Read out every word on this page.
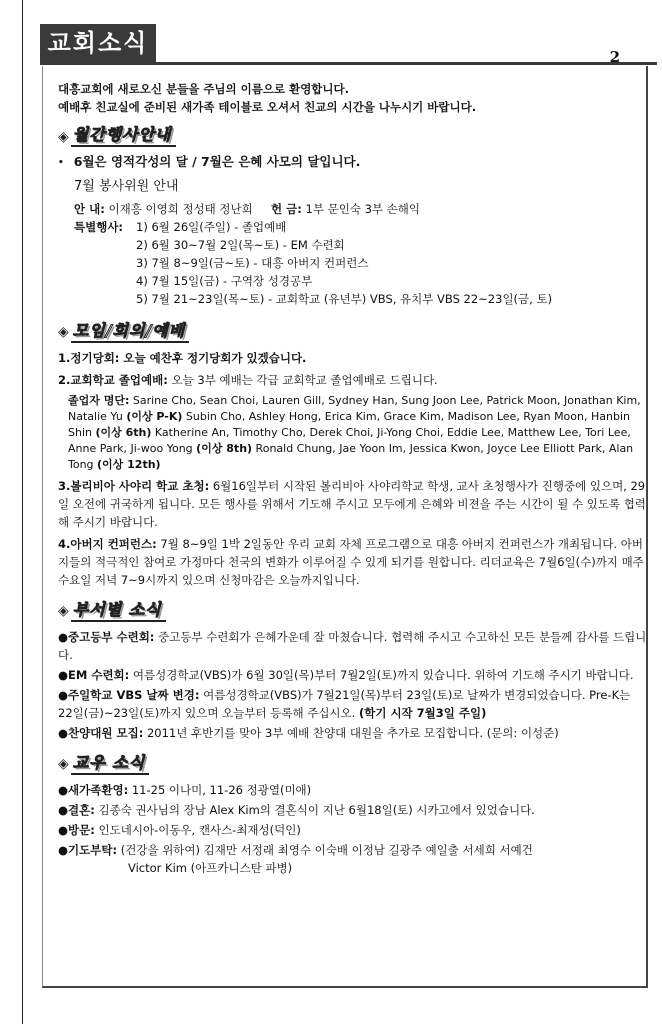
교회소식	2

대흥교회에 새로오신 분들을 주님의 이름으로 환영합니다.

예배후 친교실에 준비된 새가족 테이블로 오셔서 친교의 시간을 나누시기 바랍니다.

◈ 월간행사안내
• 6월은 영적각성의 달 / 7월은 은혜 사모의 달입니다.
7월 봉사위원 안내
안 내: 이재흥 이영희 정성태 정난희 헌 금: 1부 문인숙 3부 손해익
특별행사:	1) 6월 26일(주일) - 졸업예배
2) 6월 30~7월 2일(목~토) - EM 수련회
3) 7월 8~9일(금~토) - 대흥 아버지 컨퍼런스
4) 7월 15일(금) - 구역장 성경공부
5) 7월 21~23일(목~토) - 교회학교 (유년부) VBS, 유치부 VBS 22~23일(금, 토)
◈ 모임/회의/예배
1.정기당회: 오늘 예찬후 정기당회가 있겠습니다.
2.교회학교 졸업예배: 오늘 3부 예배는 각급 교회학교 졸업예배로 드립니다.
졸업자 명단: Sarine Cho, Sean Choi, Lauren Gill, Sydney Han, Sung Joon Lee, Patrick Moon, Jonathan Kim, Natalie Yu (이상 P-K) Subin Cho, Ashley Hong, Erica Kim, Grace Kim, Madison Lee, Ryan Moon, Hanbin Shin (이상 6th) Katherine An, Timothy Cho, Derek Choi, Ji-Yong Choi, Eddie Lee, Matthew Lee, Tori Lee, Anne Park, Ji-woo Yong (이상 8th) Ronald Chung, Jae Yoon Im, Jessica Kwon, Joyce Lee Elliott Park, Alan Tong (이상 12th)
3.볼리비아 사야리 학교 초청: 6월16일부터 시작된 볼리비아 사야리학교 학생, 교사 초청행사가 진행중에 있으며, 29일 오전에 귀국하게 됩니다. 모든 행사를 위해서 기도해 주시고 모두에게 은혜와 비젼을 주는 시간이 될 수 있도록 협력해 주시기 바랍니다.
4.아버지 컨퍼런스: 7월 8~9일 1박 2일동안 우리 교회 자체 프로그램으로 대흥 아버지 컨퍼런스가 개최됩니다. 아버지들의 적극적인 참여로 가정마다 천국의 변화가 이루어질 수 있게 되기를 원합니다. 리더교육은 7월6일(수)까지 매주 수요일 저녁 7~9시까지 있으며 신청마감은 오늘까지입니다.
◈ 부서별 소식
●중고등부 수련회: 중고등부 수련회가 은혜가운데 잘 마쳤습니다. 협력해 주시고 수고하신 모든 분들께 감사를 드립니다.
●EM 수련회: 여름성경학교(VBS)가 6월 30일(목)부터 7월2일(토)까지 있습니다. 위하여 기도해 주시기 바랍니다.
●주일학교 VBS 날짜 변경: 여름성경학교(VBS)가 7월21일(목)부터 23일(토)로 날짜가 변경되었습니다. Pre-K는 22일(금)~23일(토)까지 있으며 오늘부터 등록해 주십시오. (학기 시작 7월3일 주일)
●찬양대원 모집: 2011년 후반기를 맞아 3부 예배 찬양대 대원을 추가로 모집합니다. (문의: 이성준)
◈ 교우 소식
●새가족환영: 11-25 이나미, 11-26 정광열(미애)
●결혼: 김종숙 권사님의 장남 Alex Kim의 결혼식이 지난 6월18일(토) 시카고에서 있었습니다.
●방문: 인도네시아-이동우, 캔사스-최재성(덕인)
●기도부탁: (건강을 위하여) 김재만 서정래 최영수 이숙배 이정남 길광주 예일출 서세희 서예건
Victor Kim (아프카니스탄 파병)
